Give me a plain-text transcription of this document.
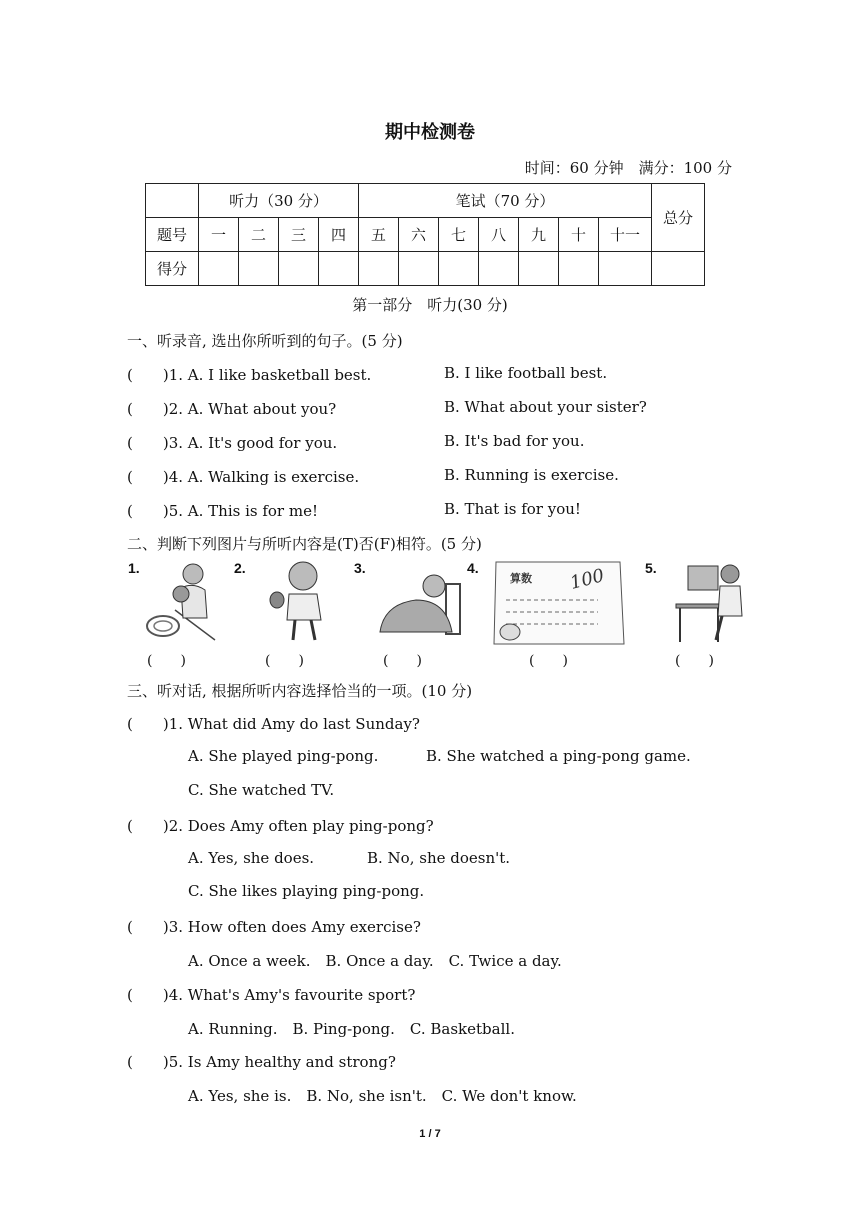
期中检测卷
时间：60 分钟　满分：100 分
	听力（30 分）				笔试（70 分）							总分
题号	一	二	三	四	五	六	七	八	九	十	十一	
得分												
第一部分　听力(30 分)
一、听录音, 选出你所听到的句子。(5 分)
(　　)1. A. I like basketball best.	B. I like football best.
(　　)2. A. What about you?	B. What about your sister?
(　　)3. A. It's good for you.	B. It's bad for you.
(　　)4. A. Walking is exercise.	B. Running is exercise.
(　　)5. A. This is for me!	B. That is for you!
二、判断下列图片与所听内容是(T)否(F)相符。(5 分)
1.	2.	3.	4.
算数 100	5.
(　　)	(　　)	(　　)	(　　)	(　　)
三、听对话, 根据所听内容选择恰当的一项。(10 分)
(　　)1. What did Amy do last Sunday?
A. She played ping-pong.	B. She watched a ping-pong game.
C. She watched TV.
(　　)2. Does Amy often play ping-pong?
A. Yes, she does.	B. No, she doesn't.
C. She likes playing ping-pong.
(　　)3. How often does Amy exercise?
A. Once a week.　B. Once a day.　C. Twice a day.
(　　)4. What's Amy's favourite sport?
A. Running.　B. Ping-pong.　C. Basketball.
(　　)5. Is Amy healthy and strong?
A. Yes, she is.　B. No, she isn't.　C. We don't know.
1 / 7
